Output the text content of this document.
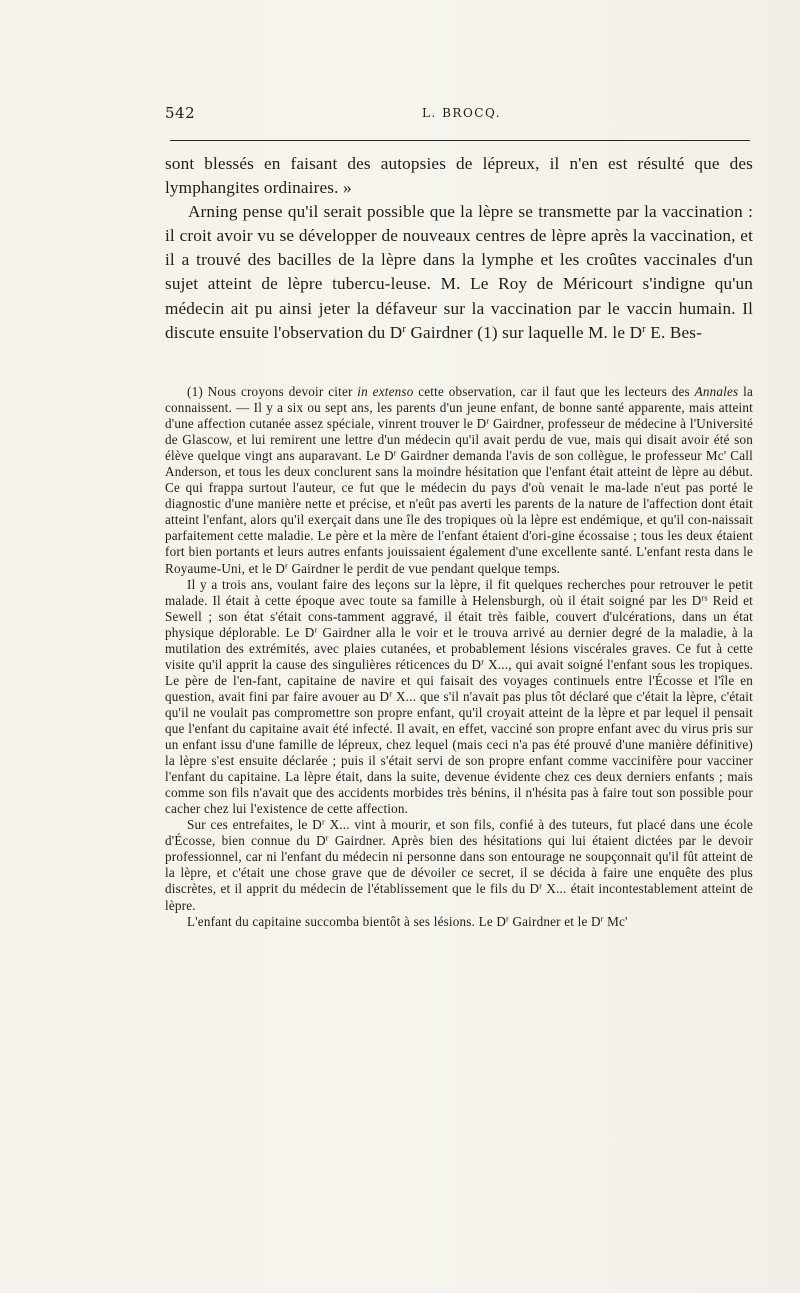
542	L. BROCQ.

sont blessés en faisant des autopsies de lépreux, il n'en est résulté que des lymphangites ordinaires. »

Arning pense qu'il serait possible que la lèpre se transmette par la vaccination : il croit avoir vu se développer de nouveaux centres de lèpre après la vaccination, et il a trouvé des bacilles de la lèpre dans la lymphe et les croûtes vaccinales d'un sujet atteint de lèpre tubercu-leuse. M. Le Roy de Méricourt s'indigne qu'un médecin ait pu ainsi jeter la défaveur sur la vaccination par le vaccin humain. Il discute ensuite l'observation du $D^r$ Gairdner (1) sur laquelle M. le $D^r$ E. Bes-

(1) Nous croyons devoir citer in extenso cette observation, car il faut que les lecteurs des Annales la connaissent. — Il y a six ou sept ans, les parents d'un jeune enfant, de bonne santé apparente, mais atteint d'une affection cutanée assez spéciale, vinrent trouver le $D^r$ Gairdner, professeur de médecine à l'Université de Glascow, et lui remirent une lettre d'un médecin qu'il avait perdu de vue, mais qui disait avoir été son élève quelque vingt ans auparavant. Le $D^r$ Gairdner demanda l'avis de son collègue, le professeur Mc' Call Anderson, et tous les deux conclurent sans la moindre hésitation que l'enfant était atteint de lèpre au début. Ce qui frappa surtout l'auteur, ce fut que le médecin du pays d'où venait le ma-lade n'eut pas porté le diagnostic d'une manière nette et précise, et n'eût pas averti les parents de la nature de l'affection dont était atteint l'enfant, alors qu'il exerçait dans une île des tropiques où la lèpre est endémique, et qu'il con-naissait parfaitement cette maladie. Le père et la mère de l'enfant étaient d'ori-gine écossaise ; tous les deux étaient fort bien portants et leurs autres enfants jouissaient également d'une excellente santé. L'enfant resta dans le Royaume-Uni, et le $D^r$ Gairdner le perdit de vue pendant quelque temps.

Il y a trois ans, voulant faire des leçons sur la lèpre, il fit quelques recherches pour retrouver le petit malade. Il était à cette époque avec toute sa famille à Helensburgh, où il était soigné par les $D^{rs}$ Reid et Sewell ; son état s'était cons-tamment aggravé, il était très faible, couvert d'ulcérations, dans un état physique déplorable. Le $D^r$ Gairdner alla le voir et le trouva arrivé au dernier degré de la maladie, à la mutilation des extrémités, avec plaies cutanées, et probablement lésions viscérales graves. Ce fut à cette visite qu'il apprit la cause des singulières réticences du $D^r$ X..., qui avait soigné l'enfant sous les tropiques. Le père de l'en-fant, capitaine de navire et qui faisait des voyages continuels entre l'Écosse et l'île en question, avait fini par faire avouer au $D^r$ X... que s'il n'avait pas plus tôt déclaré que c'était la lèpre, c'était qu'il ne voulait pas compromettre son propre enfant, qu'il croyait atteint de la lèpre et par lequel il pensait que l'enfant du capitaine avait été infecté. Il avait, en effet, vacciné son propre enfant avec du virus pris sur un enfant issu d'une famille de lépreux, chez lequel (mais ceci n'a pas été prouvé d'une manière définitive) la lèpre s'est ensuite déclarée ; puis il s'était servi de son propre enfant comme vaccinifère pour vacciner l'enfant du capitaine. La lèpre était, dans la suite, devenue évidente chez ces deux derniers enfants ; mais comme son fils n'avait que des accidents morbides très bénins, il n'hésita pas à faire tout son possible pour cacher chez lui l'existence de cette affection.

Sur ces entrefaites, le $D^r$ X... vint à mourir, et son fils, confié à des tuteurs, fut placé dans une école d'Écosse, bien connue du $D^r$ Gairdner. Après bien des hésitations qui lui étaient dictées par le devoir professionnel, car ni l'enfant du médecin ni personne dans son entourage ne soupçonnait qu'il fût atteint de la lèpre, et c'était une chose grave que de dévoiler ce secret, il se décida à faire une enquête des plus discrètes, et il apprit du médecin de l'établissement que le fils du $D^r$ X... était incontestablement atteint de lèpre.

L'enfant du capitaine succomba bientôt à ses lésions. Le $D^r$ Gairdner et le $D^r$ Mc'
